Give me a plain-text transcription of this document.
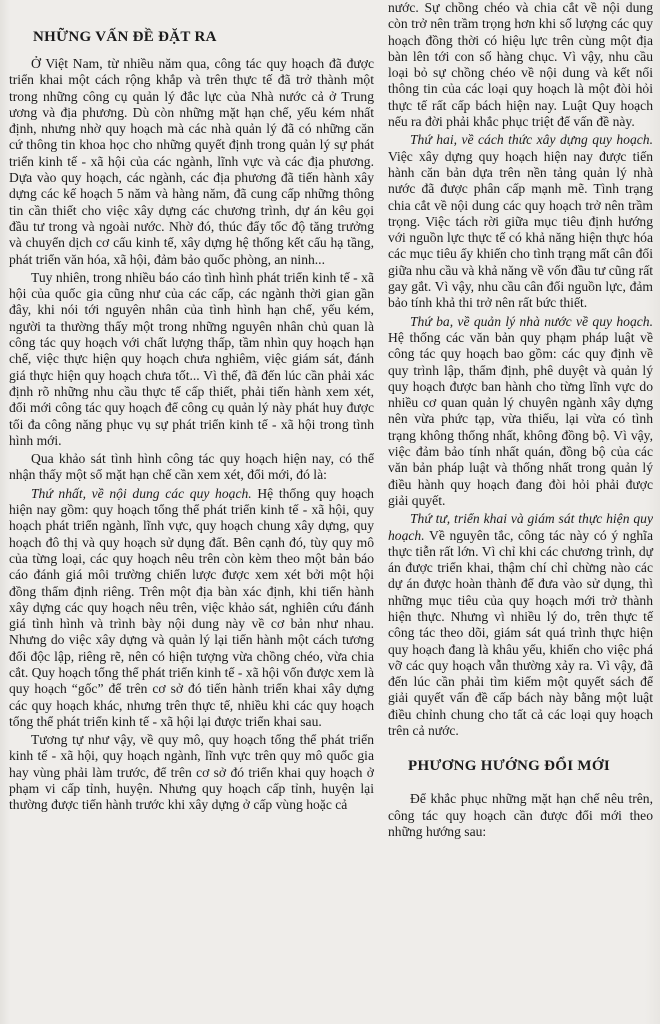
NHỮNG VẤN ĐỀ ĐẶT RA

Ở Việt Nam, từ nhiều năm qua, công tác quy hoạch đã được triển khai một cách rộng khắp và trên thực tế đã trở thành một trong những công cụ quản lý đắc lực của Nhà nước cả ở Trung ương và địa phương. Dù còn những mặt hạn chế, yếu kém nhất định, nhưng nhờ quy hoạch mà các nhà quản lý đã có những căn cứ thông tin khoa học cho những quyết định trong quản lý sự phát triển kinh tế - xã hội của các ngành, lĩnh vực và các địa phương. Dựa vào quy hoạch, các ngành, các địa phương đã tiến hành xây dựng các kế hoạch 5 năm và hàng năm, đã cung cấp những thông tin cần thiết cho việc xây dựng các chương trình, dự án kêu gọi đầu tư trong và ngoài nước. Nhờ đó, thúc đẩy tốc độ tăng trưởng và chuyển dịch cơ cấu kinh tế, xây dựng hệ thống kết cấu hạ tầng, phát triển văn hóa, xã hội, đảm bảo quốc phòng, an ninh...

Tuy nhiên, trong nhiều báo cáo tình hình phát triển kinh tế - xã hội của quốc gia cũng như của các cấp, các ngành thời gian gần đây, khi nói tới nguyên nhân của tình hình hạn chế, yếu kém, người ta thường thấy một trong những nguyên nhân chủ quan là công tác quy hoạch với chất lượng thấp, tầm nhìn quy hoạch hạn chế, việc thực hiện quy hoạch chưa nghiêm, việc giám sát, đánh giá thực hiện quy hoạch chưa tốt... Vì thế, đã đến lúc cần phải xác định rõ những nhu cầu thực tế cấp thiết, phải tiến hành xem xét, đổi mới công tác quy hoạch để công cụ quản lý này phát huy được tối đa công năng phục vụ sự phát triển kinh tế - xã hội trong tình hình mới.

Qua khảo sát tình hình công tác quy hoạch hiện nay, có thể nhận thấy một số mặt hạn chế cần xem xét, đổi mới, đó là:

Thứ nhất, về nội dung các quy hoạch. Hệ thống quy hoạch hiện nay gồm: quy hoạch tổng thể phát triển kinh tế - xã hội, quy hoạch phát triển ngành, lĩnh vực, quy hoạch chung xây dựng, quy hoạch đô thị và quy hoạch sử dụng đất. Bên cạnh đó, tùy quy mô của từng loại, các quy hoạch nêu trên còn kèm theo một bản báo cáo đánh giá môi trường chiến lược được xem xét bởi một hội đồng thẩm định riêng. Trên một địa bàn xác định, khi tiến hành xây dựng các quy hoạch nêu trên, việc khảo sát, nghiên cứu đánh giá tình hình và trình bày nội dung này về cơ bản như nhau. Nhưng do việc xây dựng và quản lý lại tiến hành một cách tương đối độc lập, riêng rẽ, nên có hiện tượng vừa chồng chéo, vừa chia cắt. Quy hoạch tổng thể phát triển kinh tế - xã hội vốn được xem là quy hoạch “gốc” để trên cơ sở đó tiến hành triển khai xây dựng các quy hoạch khác, nhưng trên thực tế, nhiều khi các quy hoạch tổng thể phát triển kinh tế - xã hội lại được triển khai sau.

Tương tự như vậy, về quy mô, quy hoạch tổng thể phát triển kinh tế - xã hội, quy hoạch ngành, lĩnh vực trên quy mô quốc gia hay vùng phải làm trước, để trên cơ sở đó triển khai quy hoạch ở phạm vi cấp tỉnh, huyện. Nhưng quy hoạch cấp tỉnh, huyện lại thường được tiến hành trước khi xây dựng ở cấp vùng hoặc cả

nước. Sự chồng chéo và chia cắt về nội dung còn trở nên trầm trọng hơn khi số lượng các quy hoạch đồng thời có hiệu lực trên cùng một địa bàn lên tới con số hàng chục. Vì vậy, nhu cầu loại bỏ sự chồng chéo về nội dung và kết nối thông tin của các loại quy hoạch là một đòi hỏi thực tế rất cấp bách hiện nay. Luật Quy hoạch nếu ra đời phải khắc phục triệt để vấn đề này.

Thứ hai, về cách thức xây dựng quy hoạch. Việc xây dựng quy hoạch hiện nay được tiến hành căn bản dựa trên nền tảng quản lý nhà nước đã được phân cấp mạnh mẽ. Tình trạng chia cắt về nội dung các quy hoạch trở nên trầm trọng. Việc tách rời giữa mục tiêu định hướng với nguồn lực thực tế có khả năng hiện thực hóa các mục tiêu ấy khiến cho tình trạng mất cân đối giữa nhu cầu và khả năng về vốn đầu tư cũng rất gay gắt. Vì vậy, nhu cầu cân đối nguồn lực, đảm bảo tính khả thi trở nên rất bức thiết.

Thứ ba, về quản lý nhà nước về quy hoạch. Hệ thống các văn bản quy phạm pháp luật về công tác quy hoạch bao gồm: các quy định về quy trình lập, thẩm định, phê duyệt và quản lý quy hoạch được ban hành cho từng lĩnh vực do nhiều cơ quan quản lý chuyên ngành xây dựng nên vừa phức tạp, vừa thiếu, lại vừa có tình trạng không thống nhất, không đồng bộ. Vì vậy, việc đảm bảo tính nhất quán, đồng bộ của các văn bản pháp luật và thống nhất trong quản lý điều hành quy hoạch đang đòi hỏi phải được giải quyết.

Thứ tư, triển khai và giám sát thực hiện quy hoạch. Về nguyên tắc, công tác này có ý nghĩa thực tiễn rất lớn. Vì chỉ khi các chương trình, dự án được triển khai, thậm chí chỉ chừng nào các dự án được hoàn thành để đưa vào sử dụng, thì những mục tiêu của quy hoạch mới trở thành hiện thực. Nhưng vì nhiều lý do, trên thực tế công tác theo dõi, giám sát quá trình thực hiện quy hoạch đang là khâu yếu, khiến cho việc phá vỡ các quy hoạch vẫn thường xảy ra. Vì vậy, đã đến lúc cần phải tìm kiếm một quyết sách để giải quyết vấn đề cấp bách này bằng một luật điều chỉnh chung cho tất cả các loại quy hoạch trên cả nước.

PHƯƠNG HƯỚNG ĐỔI MỚI

Để khắc phục những mặt hạn chế nêu trên, công tác quy hoạch cần được đổi mới theo những hướng sau:
